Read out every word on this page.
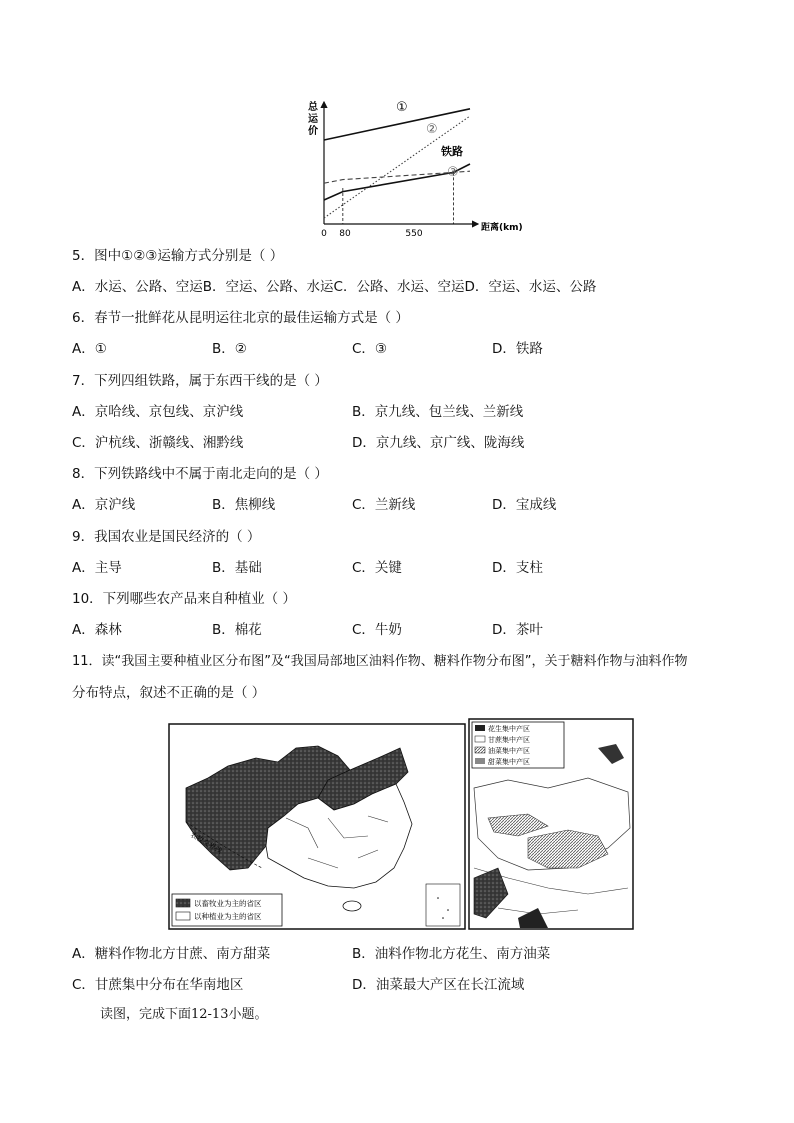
总
运
价
0 80	550
距离(km)
①
②
铁路
③
5．图中①②③运输方式分别是（ ）
A．水运、公路、空运B．空运、公路、水运C．公路、水运、空运D．空运、水运、公路
6．春节一批鲜花从昆明运往北京的最佳运输方式是（ ）
A．①	B．②	C．③	D．铁路
7．下列四组铁路，属于东西干线的是（ ）
A．京哈线、京包线、京沪线	B．京九线、包兰线、兰新线
C．沪杭线、浙赣线、湘黔线	D．京九线、京广线、陇海线
8．下列铁路线中不属于南北走向的是（ ）
A．京沪线	B．焦柳线	C．兰新线	D．宝成线
9．我国农业是国民经济的（ ）
A．主导	B．基础	C．关键	D．支柱
10．下列哪些农产品来自种植业（ ）
A．森林	B．棉花	C．牛奶	D．茶叶
11．读“我国主要种植业区分布图”及“我国局部地区油料作物、糖料作物分布图”，关于糖料作物与油料作物
分布特点，叙述不正确的是（ ）
农牧交界线
以畜牧业为主的省区
以种植业为主的省区
花生集中产区
甘蔗集中产区
油菜集中产区
甜菜集中产区
A．糖料作物北方甘蔗、南方甜菜	B．油料作物北方花生、南方油菜
C．甘蔗集中分布在华南地区	D．油菜最大产区在长江流域
读图，完成下面12-13小题。
